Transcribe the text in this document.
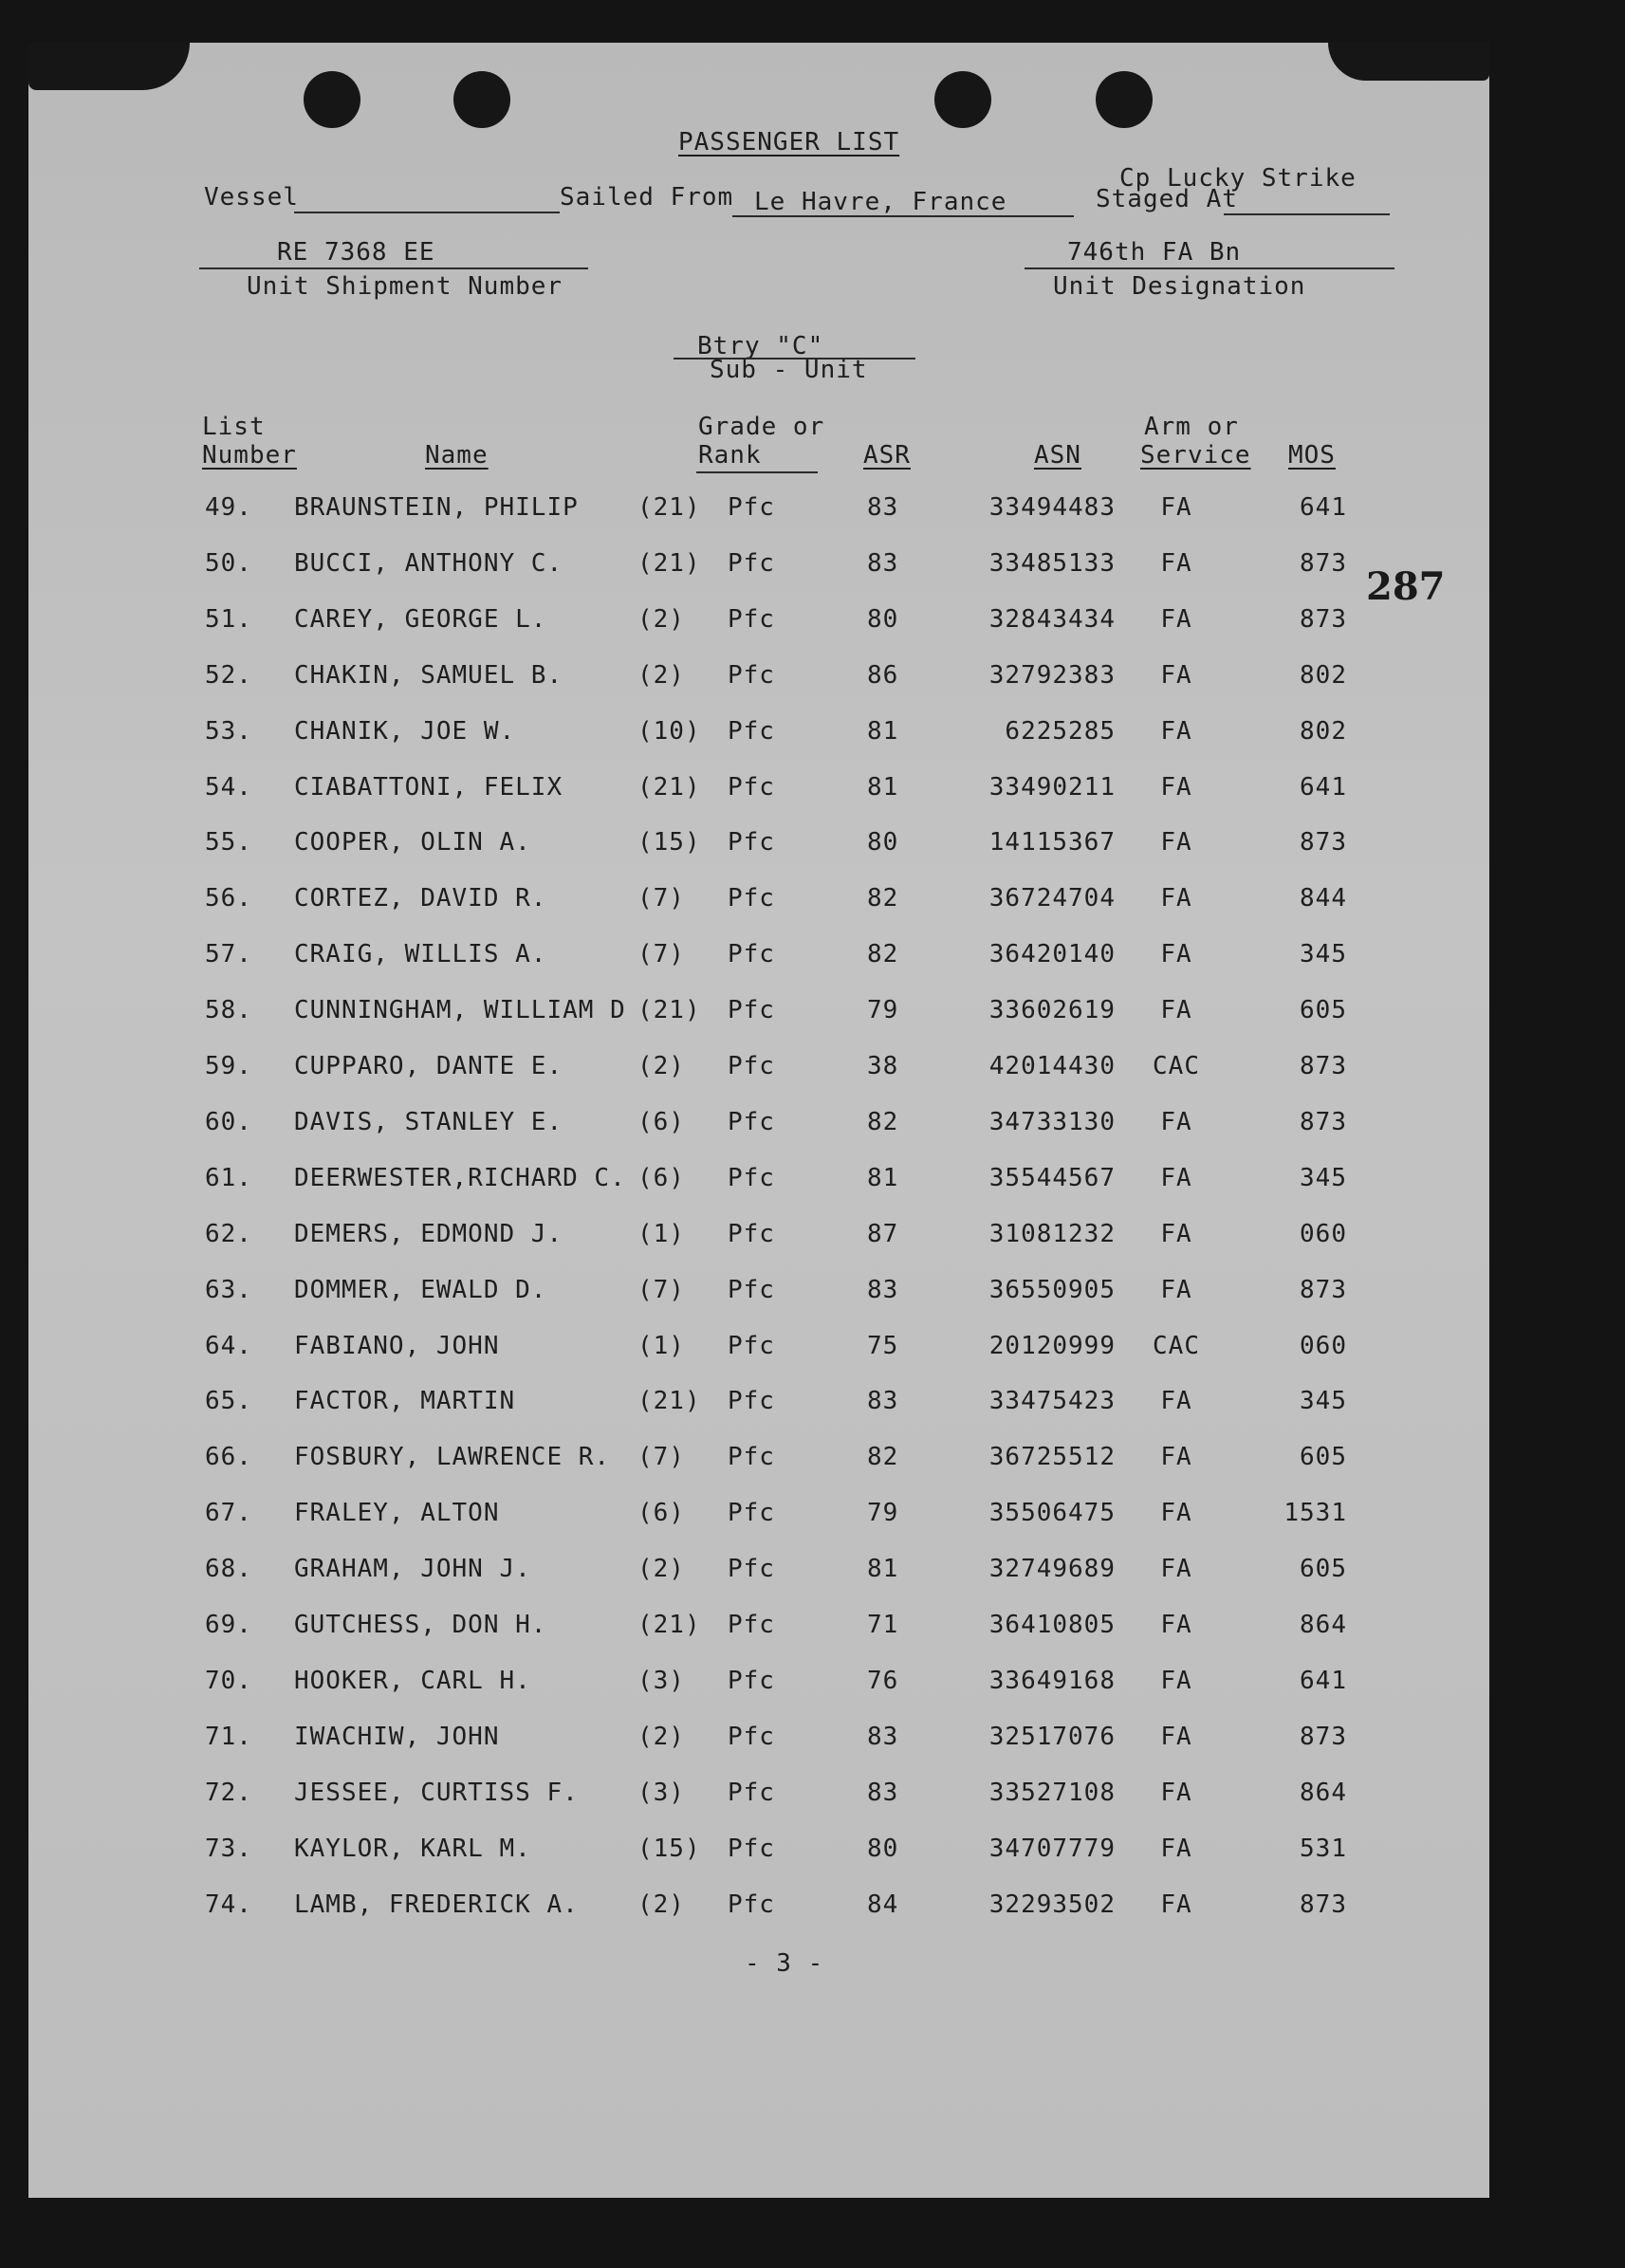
PASSENGER LIST
Vessel	Sailed From Le Havre, France
Cp Lucky Strike
Staged At
RE 7368 EE
Unit Shipment Number
746th FA Bn
Unit Designation
Btry "C"
Sub - Unit
List
Number	Name
Grade or
Rank	ASR	ASN
Arm or
Service MOS
49. BRAUNSTEIN, PHILIP (21) Pfc	83	33494483	FA	641
50. BUCCI, ANTHONY C.	(21) Pfc	83	33485133	FA	873
51. CAREY, GEORGE L.	(2) Pfc	80	32843434	FA	873
52. CHAKIN, SAMUEL B.	(2) Pfc	86	32792383	FA	802
53. CHANIK, JOE W.	(10) Pfc	81	6225285	FA	802
54. CIABATTONI, FELIX	(21) Pfc	81	33490211	FA	641
55. COOPER, OLIN A.	(15) Pfc	80	14115367	FA	873
56. CORTEZ, DAVID R.	(7) Pfc	82	36724704	FA	844
57. CRAIG, WILLIS A.	(7) Pfc	82	36420140	FA	345
58. CUNNINGHAM, WILLIAM D (21) Pfc	79	33602619	FA	605
59. CUPPARO, DANTE E.	(2) Pfc	38	42014430	CAC	873
60. DAVIS, STANLEY E.	(6) Pfc	82	34733130	FA	873
61. DEERWESTER,RICHARD C. (6) Pfc	81	35544567	FA	345
62. DEMERS, EDMOND J.	(1) Pfc	87	31081232	FA	060
63. DOMMER, EWALD D.	(7) Pfc	83	36550905	FA	873
64. FABIANO, JOHN	(1) Pfc	75	20120999	CAC	060
65. FACTOR, MARTIN	(21) Pfc	83	33475423	FA	345
66. FOSBURY, LAWRENCE R. (7) Pfc	82	36725512	FA	605
67. FRALEY, ALTON	(6) Pfc	79	35506475	FA	1531
68. GRAHAM, JOHN J.	(2) Pfc	81	32749689	FA	605
69. GUTCHESS, DON H.	(21) Pfc	71	36410805	FA	864
70. HOOKER, CARL H.	(3) Pfc	76	33649168	FA	641
71. IWACHIW, JOHN	(2) Pfc	83	32517076	FA	873
72. JESSEE, CURTISS F. (3) Pfc	83	33527108	FA	864
73. KAYLOR, KARL M.	(15) Pfc	80	34707779	FA	531
74. LAMB, FREDERICK A. (2) Pfc	84	32293502	FA	873
287
- 3 -
